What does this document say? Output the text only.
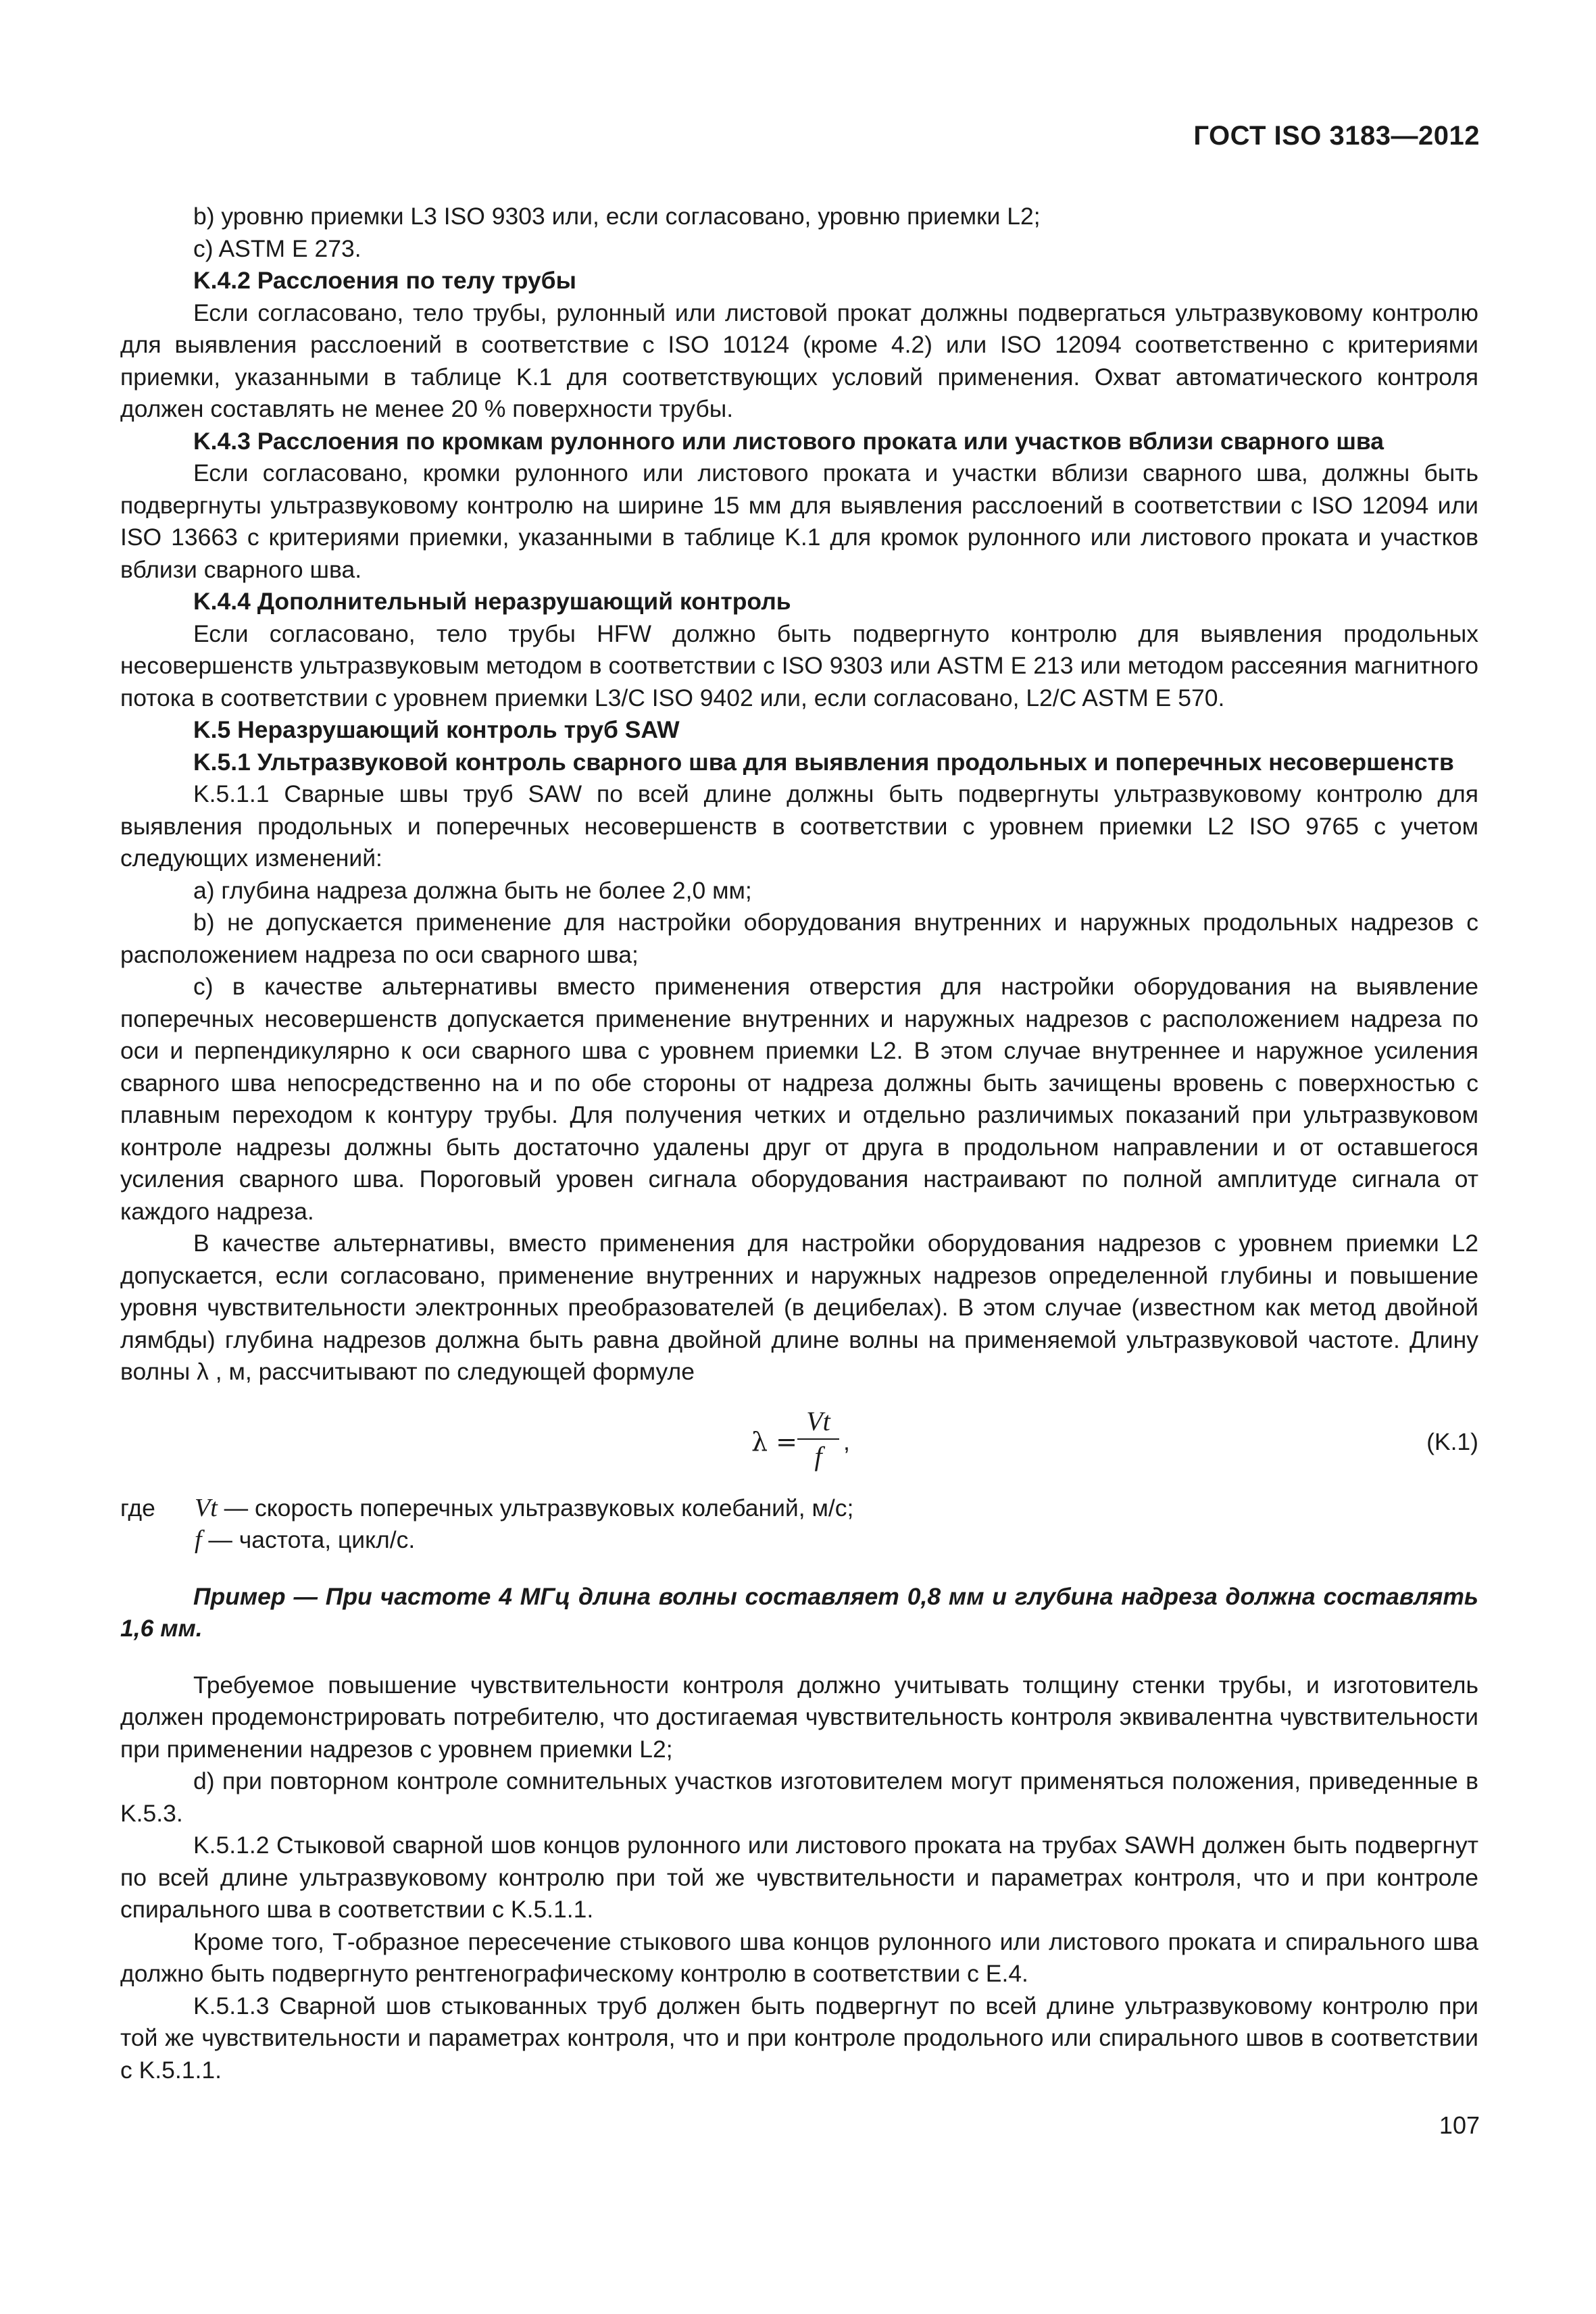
ГОСТ ISO 3183—2012

b) уровню приемки L3 ISO 9303 или, если согласовано, уровню приемки L2;

c) ASTM E 273.

K.4.2 Расслоения по телу трубы

Если согласовано, тело трубы, рулонный или листовой прокат должны подвергаться ультразвуковому контролю для выявления расслоений в соответствие с ISO 10124 (кроме 4.2) или ISO 12094 соответственно с критериями приемки, указанными в таблице K.1 для соответствующих условий применения. Охват автоматического контроля должен составлять не менее 20 % поверхности трубы.

K.4.3 Расслоения по кромкам рулонного или листового проката или участков вблизи сварного шва

Если согласовано, кромки рулонного или листового проката и участки вблизи сварного шва, должны быть подвергнуты ультразвуковому контролю на ширине 15 мм для выявления расслоений в соответствии с ISO 12094 или ISO 13663 с критериями приемки, указанными в таблице K.1 для кромок рулонного или листового проката и участков вблизи сварного шва.

K.4.4 Дополнительный неразрушающий контроль

Если согласовано, тело трубы HFW должно быть подвергнуто контролю для выявления продольных несовершенств ультразвуковым методом в соответствии с ISO 9303 или ASTM E 213 или методом рассеяния магнитного потока в соответствии с уровнем приемки L3/C ISO 9402 или, если согласовано, L2/C ASTM E 570.

K.5 Неразрушающий контроль труб SAW

K.5.1 Ультразвуковой контроль сварного шва для выявления продольных и поперечных несовершенств

K.5.1.1 Сварные швы труб SAW по всей длине должны быть подвергнуты ультразвуковому контролю для выявления продольных и поперечных несовершенств в соответствии с уровнем приемки L2 ISO 9765 с учетом следующих изменений:

a) глубина надреза должна быть не более 2,0 мм;

b) не допускается применение для настройки оборудования внутренних и наружных продольных надрезов с расположением надреза по оси сварного шва;

c) в качестве альтернативы вместо применения отверстия для настройки оборудования на выявление поперечных несовершенств допускается применение внутренних и наружных надрезов с расположением надреза по оси и перпендикулярно к оси сварного шва с уровнем приемки L2. В этом случае внутреннее и наружное усиления сварного шва непосредственно на и по обе стороны от надреза должны быть зачищены вровень с поверхностью с плавным переходом к контуру трубы. Для получения четких и отдельно различимых показаний при ультразвуковом контроле надрезы должны быть достаточно удалены друг от друга в продольном направлении и от оставшегося усиления сварного шва. Пороговый уровен сигнала оборудования настраивают по полной амплитуде сигнала от каждого надреза.

В качестве альтернативы, вместо применения для настройки оборудования надрезов с уровнем приемки L2 допускается, если согласовано, применение внутренних и наружных надрезов определенной глубины и повышение уровня чувствительности электронных преобразователей (в децибелах). В этом случае (известном как метод двойной лямбды) глубина надрезов должна быть равна двойной длине волны на применяемой ультразвуковой частоте. Длину волны λ , м, рассчитывают по следующей формуле

λ =
Vt
f ,	(K.1)
где Vt — скорость поперечных ультразвуковых колебаний, м/с;
f — частота, цикл/с.

Пример — При частоте 4 МГц длина волны составляет 0,8 мм и глубина надреза должна составлять 1,6 мм.

Требуемое повышение чувствительности контроля должно учитывать толщину стенки трубы, и изготовитель должен продемонстрировать потребителю, что достигаемая чувствительность контроля эквивалентна чувствительности при применении надрезов с уровнем приемки L2;

d) при повторном контроле сомнительных участков изготовителем могут применяться положения, приведенные в K.5.3.

K.5.1.2 Стыковой сварной шов концов рулонного или листового проката на трубах SAWH должен быть подвергнут по всей длине ультразвуковому контролю при той же чувствительности и параметрах контроля, что и при контроле спирального шва в соответствии с K.5.1.1.

Кроме того, Т-образное пересечение стыкового шва концов рулонного или листового проката и спирального шва должно быть подвергнуто рентгенографическому контролю в соответствии с E.4.

K.5.1.3 Сварной шов стыкованных труб должен быть подвергнут по всей длине ультразвуковому контролю при той же чувствительности и параметрах контроля, что и при контроле продольного или спирального швов в соответствии с K.5.1.1.

107
